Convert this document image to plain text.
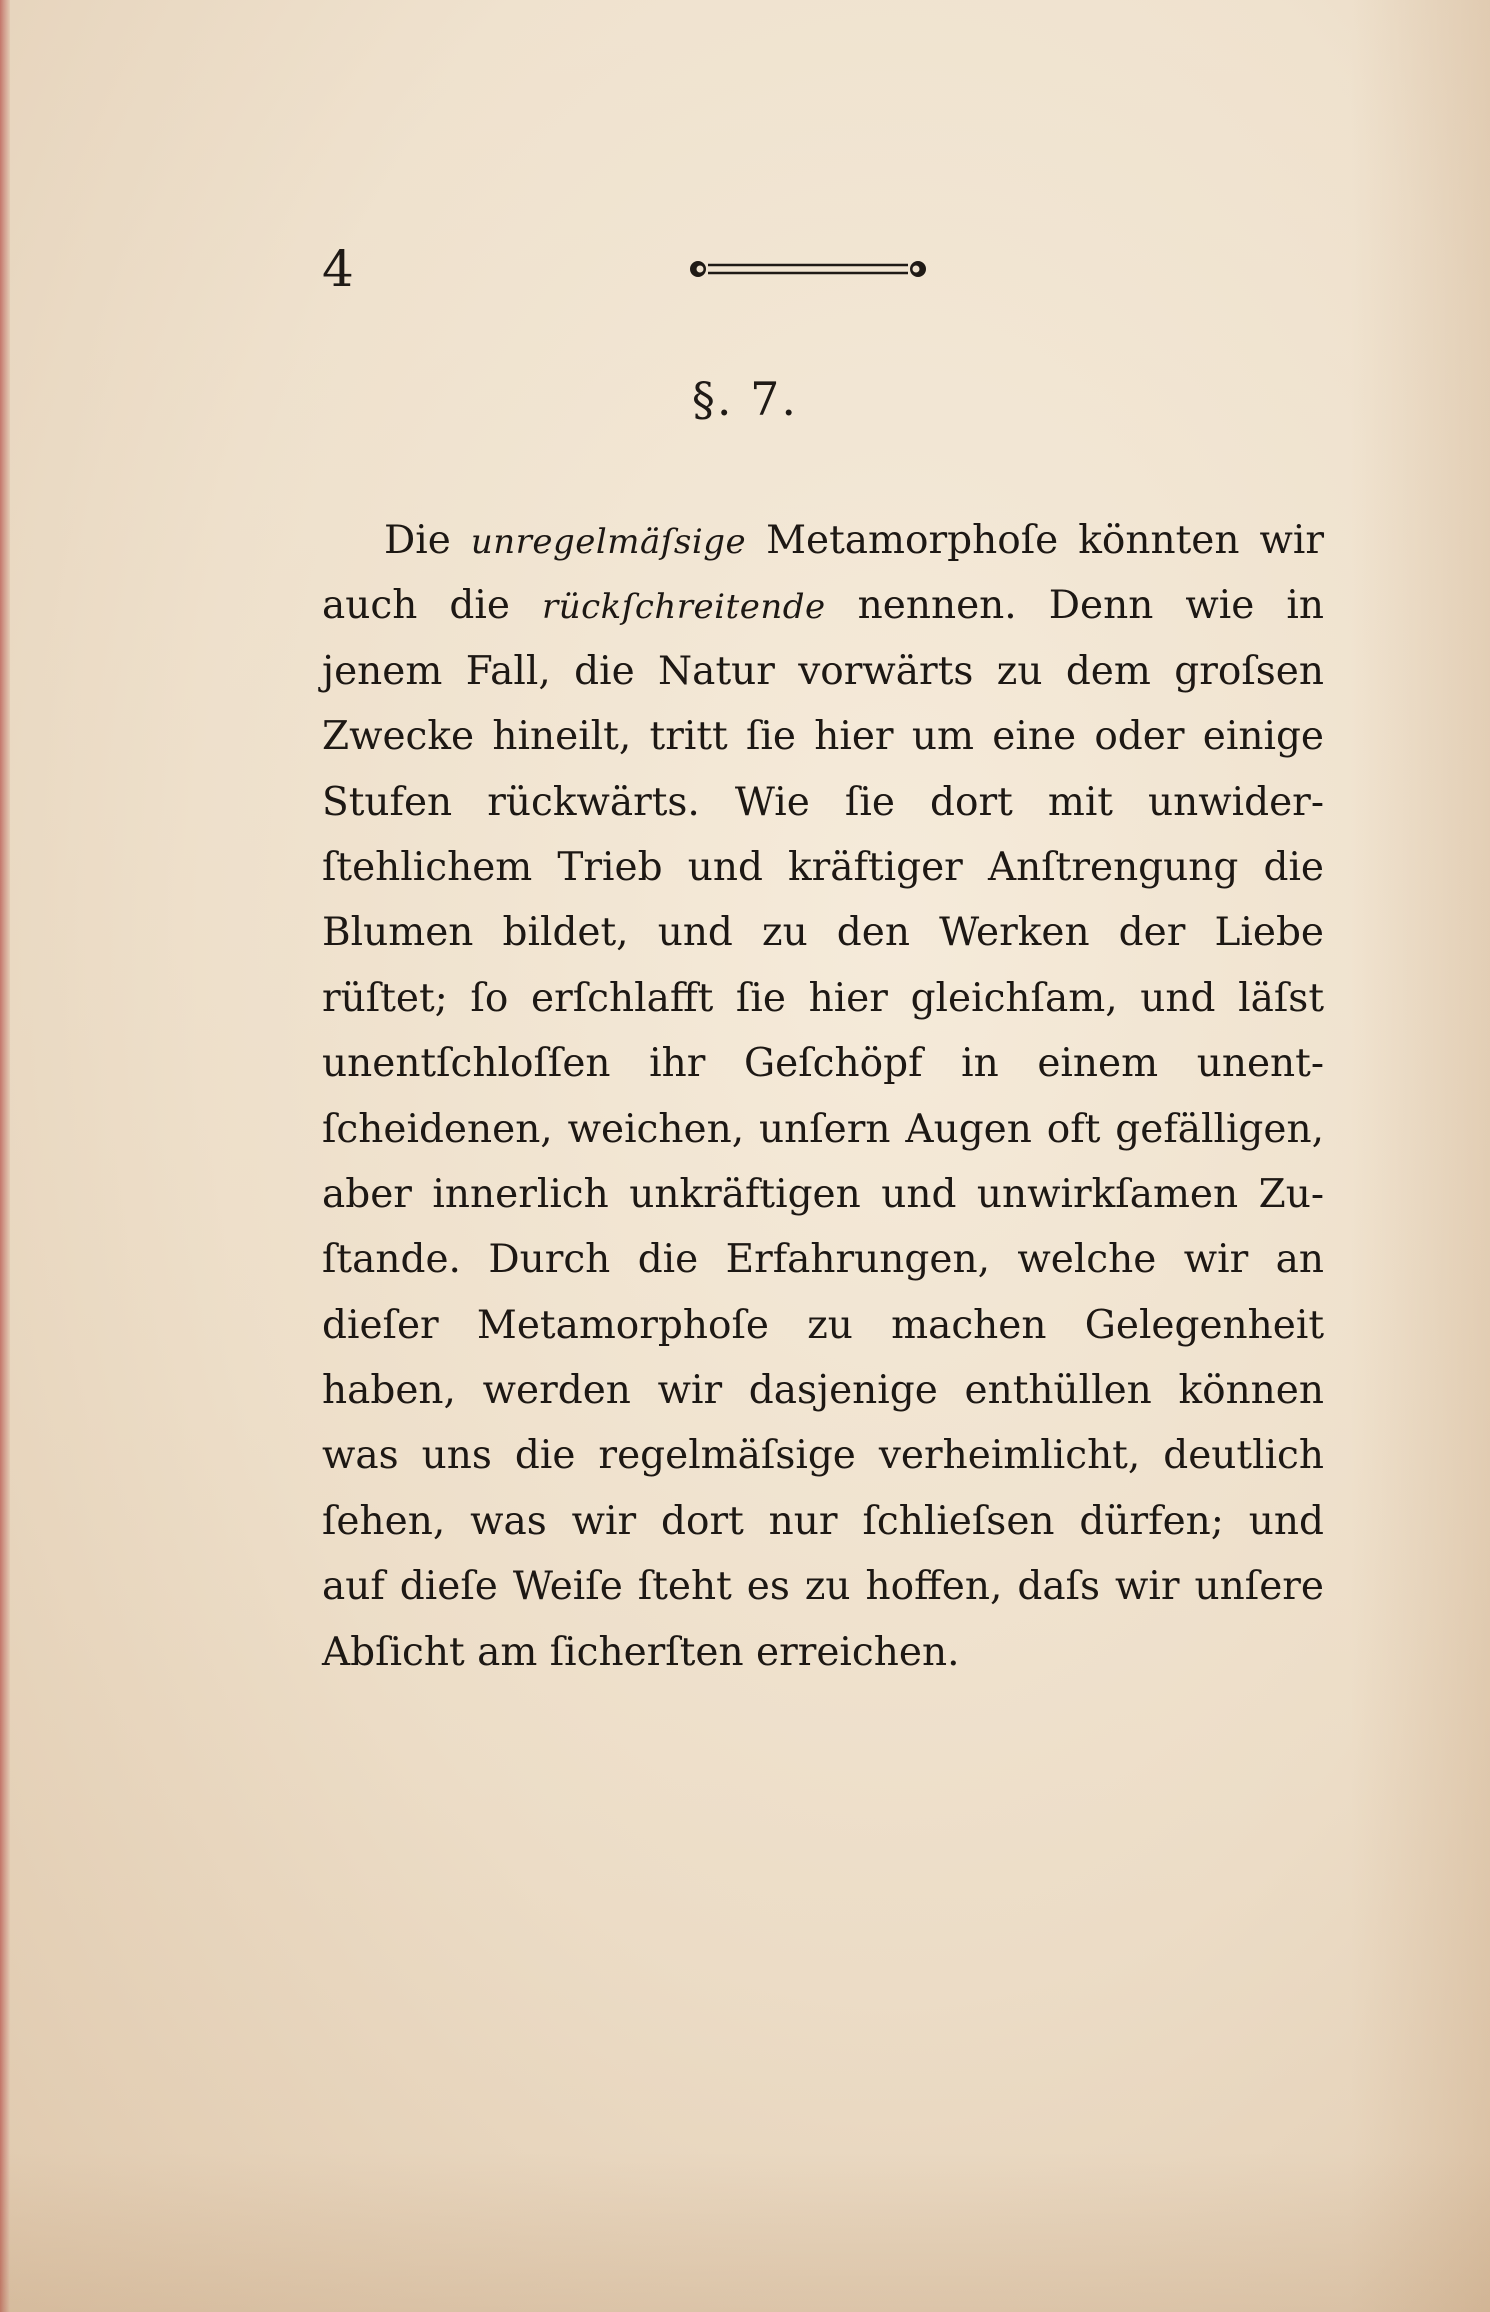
4
§. 7.
Die unregelmäſsige Metamorphoſe könnten wir
auch die rückſchreitende nennen. Denn wie in
jenem Fall, die Natur vorwärts zu dem groſsen
Zwecke hineilt, tritt ſie hier um eine oder einige
Stufen rückwärts. Wie ſie dort mit unwider-
ſtehlichem Trieb und kräftiger Anſtrengung die
Blumen bildet, und zu den Werken der Liebe
rüſtet; ſo erſchlafft ſie hier gleichſam, und läſst
unentſchloſſen ihr Geſchöpf in einem unent-
ſcheidenen, weichen, unſern Augen oft gefälligen,
aber innerlich unkräftigen und unwirkſamen Zu-
ſtande. Durch die Erfahrungen, welche wir an
dieſer Metamorphoſe zu machen Gelegenheit
haben, werden wir dasjenige enthüllen können
was uns die regelmäſsige verheimlicht, deutlich
ſehen, was wir dort nur ſchlieſsen dürfen; und
auf dieſe Weiſe ſteht es zu hoffen, daſs wir unſere
Abſicht am ſicherſten erreichen.
